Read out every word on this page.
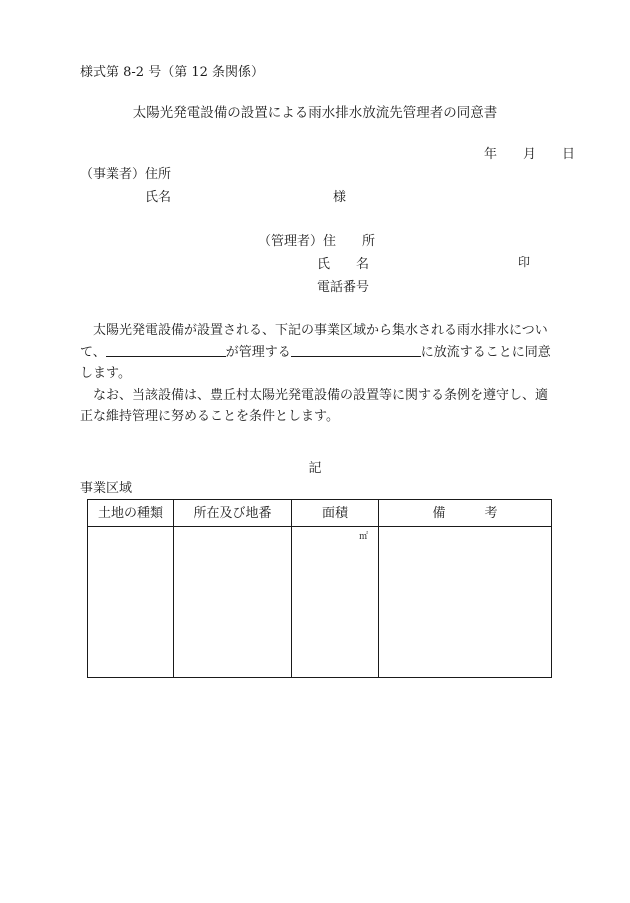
様式第 8-2 号（第 12 条関係）
太陽光発電設備の設置による雨水排水放流先管理者の同意書
年 月 日
（事業者）住所
氏名	様
（管理者）住　　所
氏 名	印
電話番号

太陽光発電設備が設置される、下記の事業区域から集水される雨水排水について、	が管理する	に放流することに同意します。

なお、当該設備は、豊丘村太陽光発電設備の設置等に関する条例を遵守し、適正な維持管理に努めることを条件とします。

記
事業区域
土地の種類	所在及び地番	面積	備　　　考
		㎡	
